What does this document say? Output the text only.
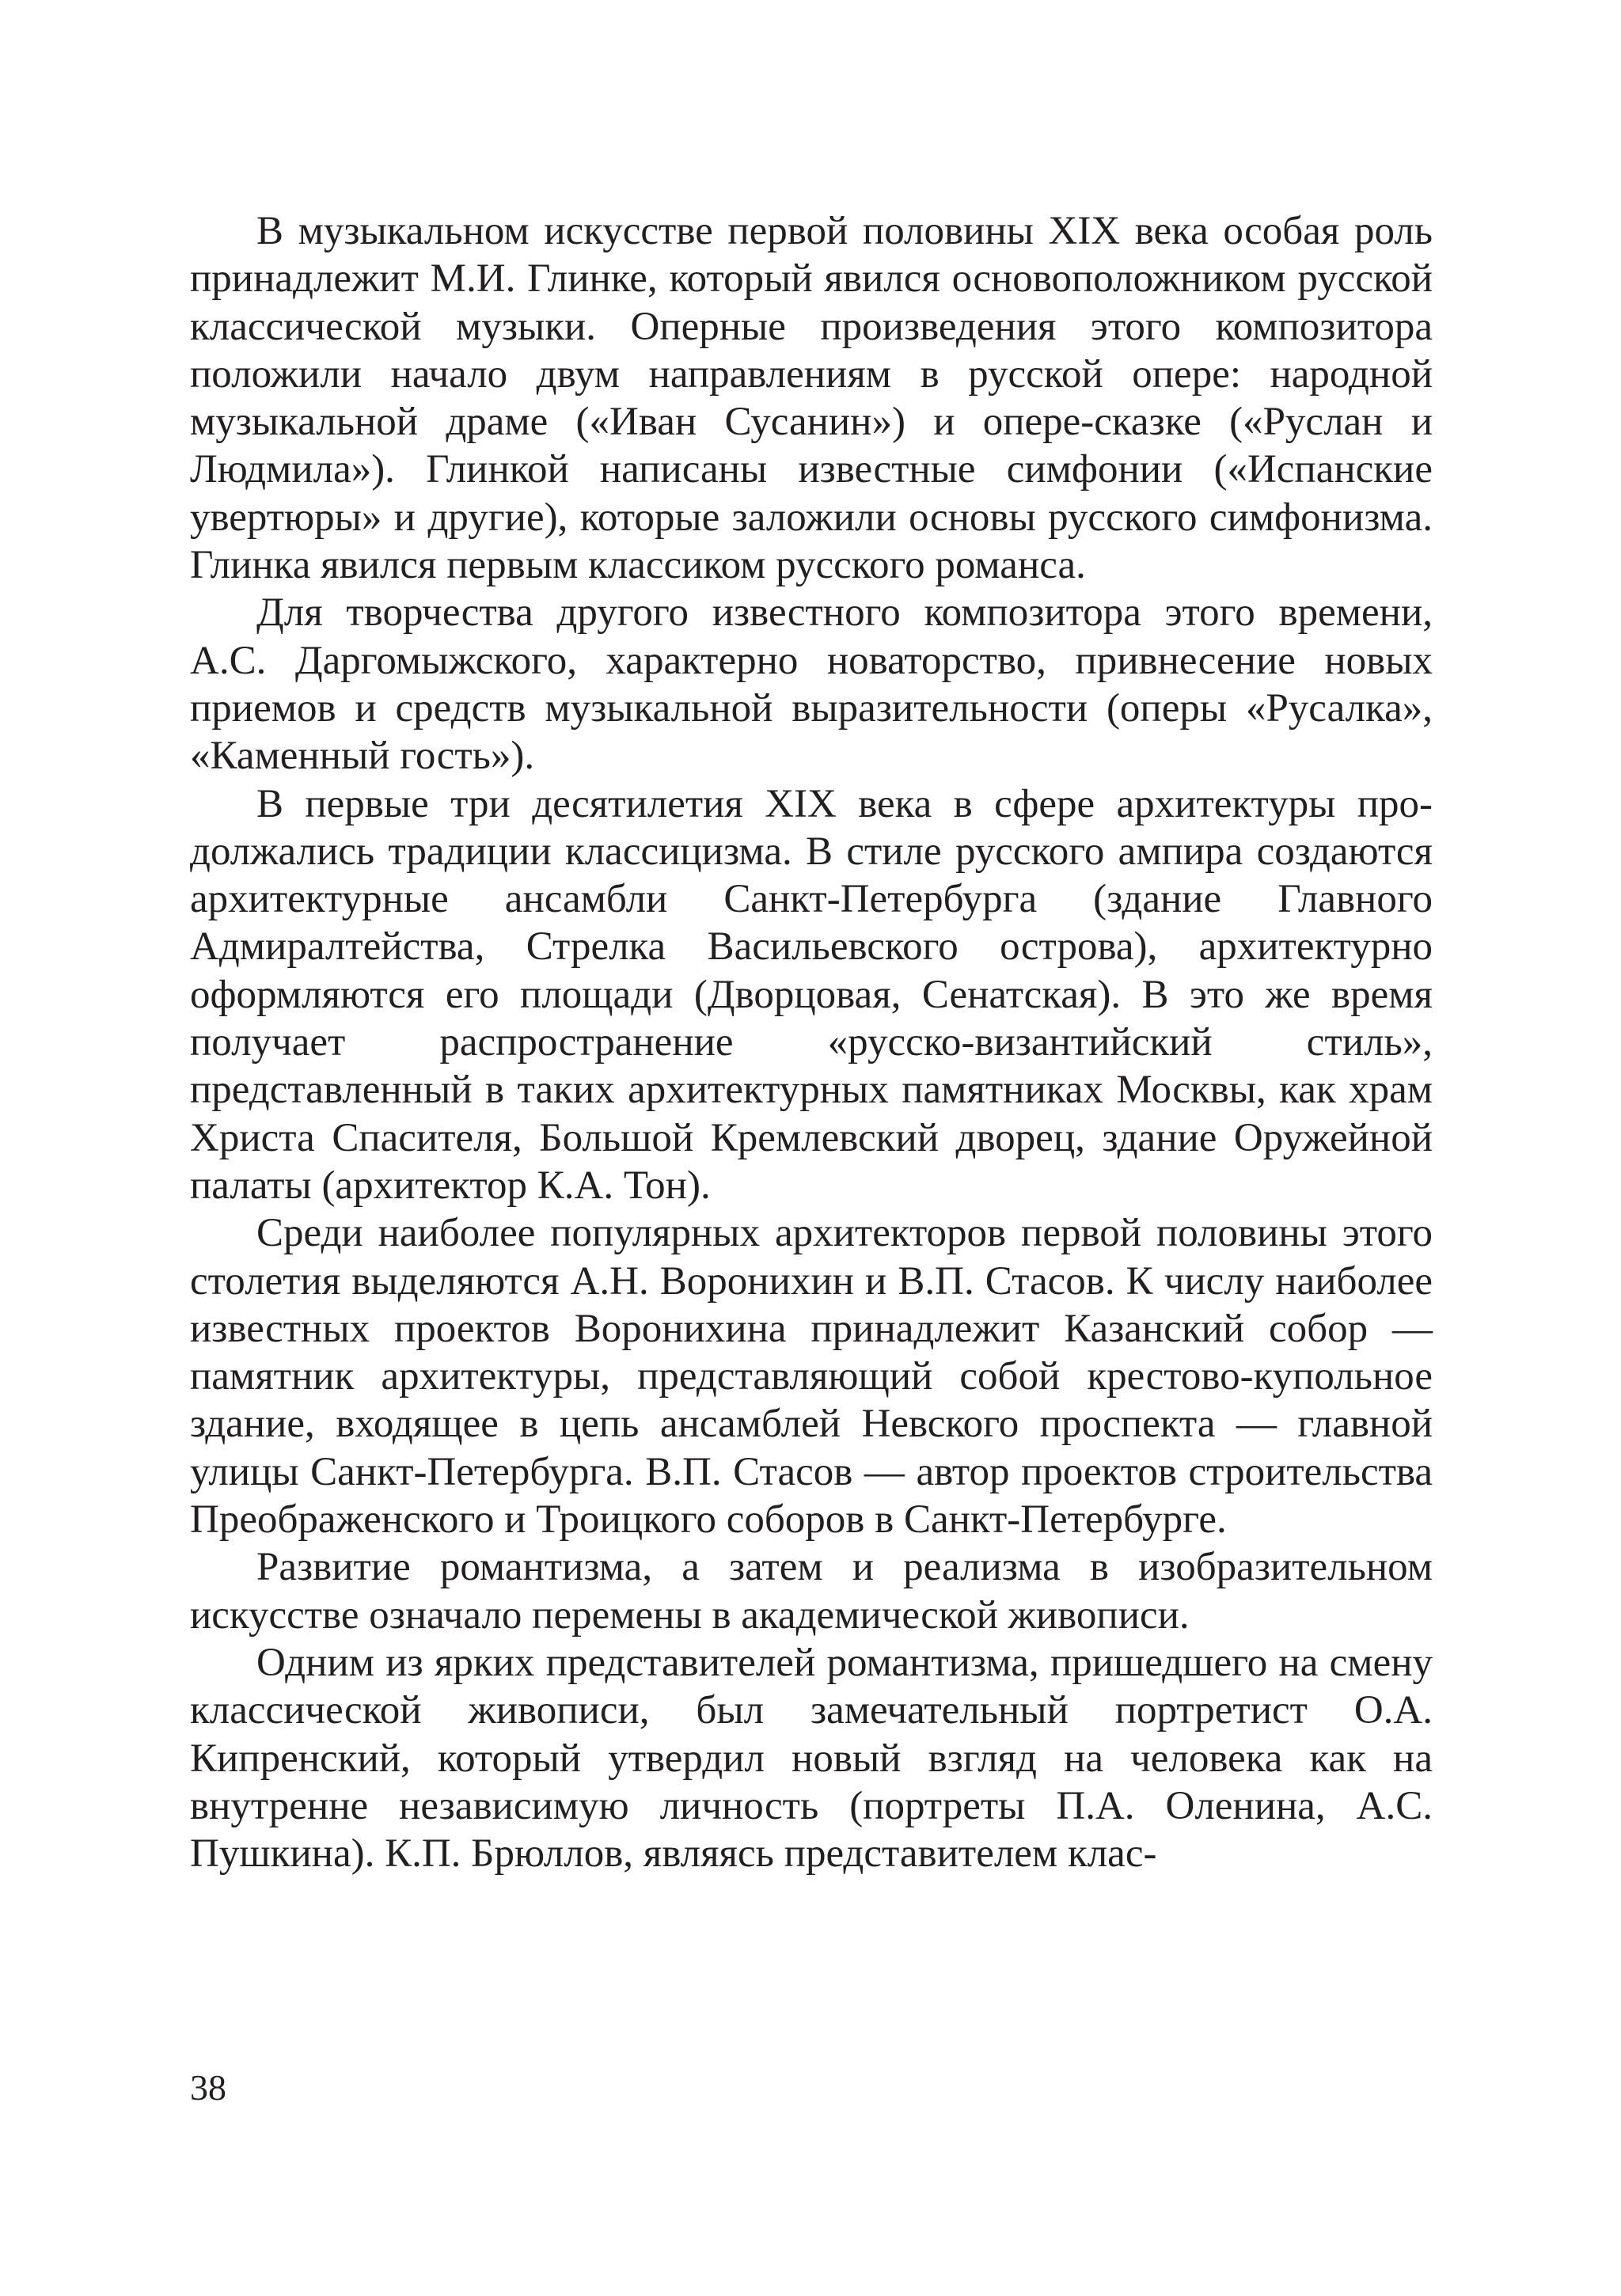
В музыкальном искусстве первой половины XIX века особая роль принадлежит М.И. Глинке, который явился основоположником русской классической музыки. Оперные произведения этого композитора положили начало двум направлениям в русской опере: народной музыкальной драме («Иван Сусанин») и опере-сказке («Руслан и Людмила»). Глинкой написаны известные симфонии («Испанские увертюры» и другие), которые заложили основы русского симфонизма. Глинка явился первым классиком русского романса.

Для творчества другого известного композитора этого времени, А.С. Даргомыжского, характерно новаторство, привнесение новых приемов и средств музыкальной выразительности (оперы «Русалка», «Каменный гость»).

В первые три десятилетия XIX века в сфере архитектуры продолжались традиции классицизма. В стиле русского ампира создаются архитектурные ансамбли Санкт-Петербурга (здание Главного Адмиралтейства, Стрелка Васильевского острова), архитектурно оформляются его площади (Дворцовая, Сенатская). В это же время получает распространение «русско-византийский стиль», представленный в таких архитектурных памятниках Москвы, как храм Христа Спасителя, Большой Кремлевский дворец, здание Оружейной палаты (архитектор К.А. Тон).

Среди наиболее популярных архитекторов первой половины этого столетия выделяются А.Н. Воронихин и В.П. Стасов. К числу наиболее известных проектов Воронихина принадлежит Казанский собор — памятник архитектуры, представляющий собой крестово-купольное здание, входящее в цепь ансамблей Невского проспекта — главной улицы Санкт-Петербурга. В.П. Стасов — автор проектов строительства Преображенского и Троицкого соборов в Санкт-Петербурге.

Развитие романтизма, а затем и реализма в изобразительном искусстве означало перемены в академической живописи.

Одним из ярких представителей романтизма, пришедшего на смену классической живописи, был замечательный портретист О.А. Кипренский, который утвердил новый взгляд на человека как на внутренне независимую личность (портреты П.А. Оленина, А.С. Пушкина). К.П. Брюллов, являясь представителем клас-

38
